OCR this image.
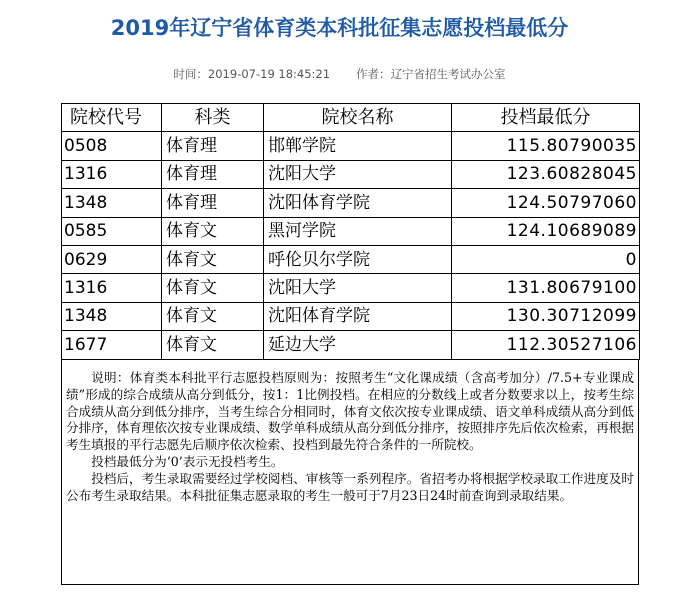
2019年辽宁省体育类本科批征集志愿投档最低分
时间：2019-07-19 18:45:21 作者：辽宁省招生考试办公室
院校代号	科类	院校名称	投档最低分
0508	体育理	邯郸学院	115.80790035
1316	体育理	沈阳大学	123.60828045
1348	体育理	沈阳体育学院	124.50797060
0585	体育文	黑河学院	124.10689089
0629	体育文	呼伦贝尔学院	0
1316	体育文	沈阳大学	131.80679100
1348	体育文	沈阳体育学院	130.30712099
1677	体育文	延边大学	112.30527106

说明：体育类本科批平行志愿投档原则为：按照考生“文化课成绩（含高考加分）/7.5+专业课成绩”形成的综合成绩从高分到低分，按1：1比例投档。在相应的分数线上或者分数要求以上，按考生综合成绩从高分到低分排序，当考生综合分相同时，体育文依次按专业课成绩、语文单科成绩从高分到低分排序，体育理依次按专业课成绩、数学单科成绩从高分到低分排序，按照排序先后依次检索，再根据考生填报的平行志愿先后顺序依次检索、投档到最先符合条件的一所院校。

投档最低分为‘0’表示无投档考生。

投档后，考生录取需要经过学校阅档、审核等一系列程序。省招考办将根据学校录取工作进度及时公布考生录取结果。本科批征集志愿录取的考生一般可于7月23日24时前查询到录取结果。
